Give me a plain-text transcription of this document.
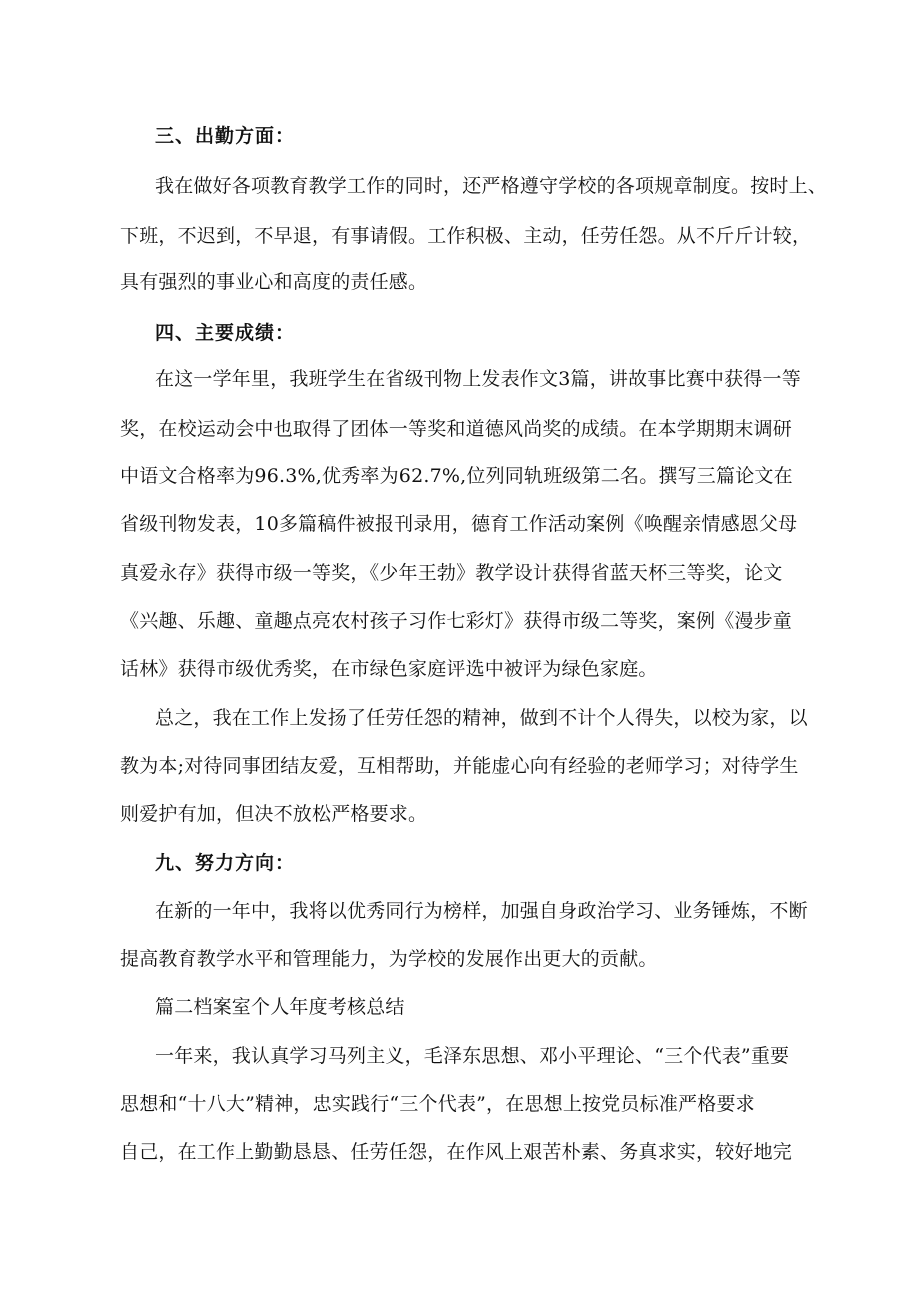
三、出勤方面：
我在做好各项教育教学工作的同时，还严格遵守学校的各项规章制度。按时上、
下班，不迟到，不早退，有事请假。工作积极、主动，任劳任怨。从不斤斤计较，
具有强烈的事业心和高度的责任感。
四、主要成绩：
在这一学年里，我班学生在省级刊物上发表作文3篇，讲故事比赛中获得一等
奖，在校运动会中也取得了团体一等奖和道德风尚奖的成绩。在本学期期末调研
中语文合格率为96.3%,优秀率为62.7%,位列同轨班级第二名。撰写三篇论文在
省级刊物发表，10多篇稿件被报刊录用，德育工作活动案例《唤醒亲情感恩父母
真爱永存》获得市级一等奖，《少年王勃》教学设计获得省蓝天杯三等奖，论文
《兴趣、乐趣、童趣点亮农村孩子习作七彩灯》获得市级二等奖，案例《漫步童
话林》获得市级优秀奖，在市绿色家庭评选中被评为绿色家庭。
总之，我在工作上发扬了任劳任怨的精神，做到不计个人得失，以校为家，以
教为本;对待同事团结友爱，互相帮助，并能虚心向有经验的老师学习；对待学生
则爱护有加，但决不放松严格要求。
九、努力方向：
在新的一年中，我将以优秀同行为榜样，加强自身政治学习、业务锤炼，不断
提高教育教学水平和管理能力，为学校的发展作出更大的贡献。
篇二档案室个人年度考核总结
一年来，我认真学习马列主义，毛泽东思想、邓小平理论、“三个代表”重要
思想和“十八大”精神，忠实践行“三个代表”，在思想上按党员标准严格要求
自己，在工作上勤勤恳恳、任劳任怨，在作风上艰苦朴素、务真求实，较好地完
